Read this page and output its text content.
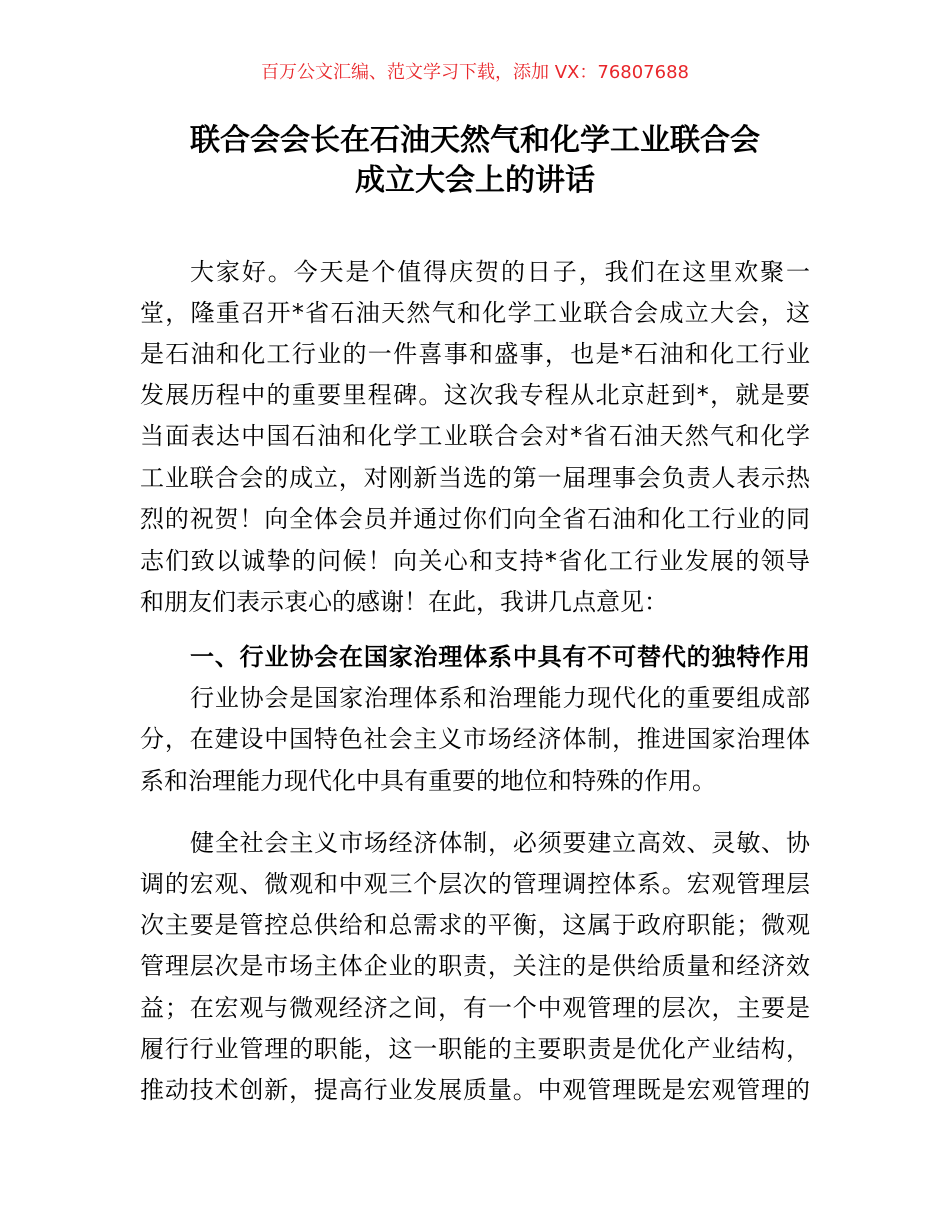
百万公文汇编、范文学习下载，添加 VX：76807688
联合会会长在石油天然气和化学工业联合会
成立大会上的讲话
大家好。今天是个值得庆贺的日子，我们在这里欢聚一
堂，隆重召开*省石油天然气和化学工业联合会成立大会，这
是石油和化工行业的一件喜事和盛事，也是*石油和化工行业
发展历程中的重要里程碑。这次我专程从北京赶到*，就是要
当面表达中国石油和化学工业联合会对*省石油天然气和化学
工业联合会的成立，对刚新当选的第一届理事会负责人表示热
烈的祝贺！向全体会员并通过你们向全省石油和化工行业的同
志们致以诚挚的问候！向关心和支持*省化工行业发展的领导
和朋友们表示衷心的感谢！在此，我讲几点意见：
一、行业协会在国家治理体系中具有不可替代的独特作用
行业协会是国家治理体系和治理能力现代化的重要组成部
分，在建设中国特色社会主义市场经济体制，推进国家治理体
系和治理能力现代化中具有重要的地位和特殊的作用。
健全社会主义市场经济体制，必须要建立高效、灵敏、协
调的宏观、微观和中观三个层次的管理调控体系。宏观管理层
次主要是管控总供给和总需求的平衡，这属于政府职能；微观
管理层次是市场主体企业的职责，关注的是供给质量和经济效
益；在宏观与微观经济之间，有一个中观管理的层次，主要是
履行行业管理的职能，这一职能的主要职责是优化产业结构，
推动技术创新，提高行业发展质量。中观管理既是宏观管理的
